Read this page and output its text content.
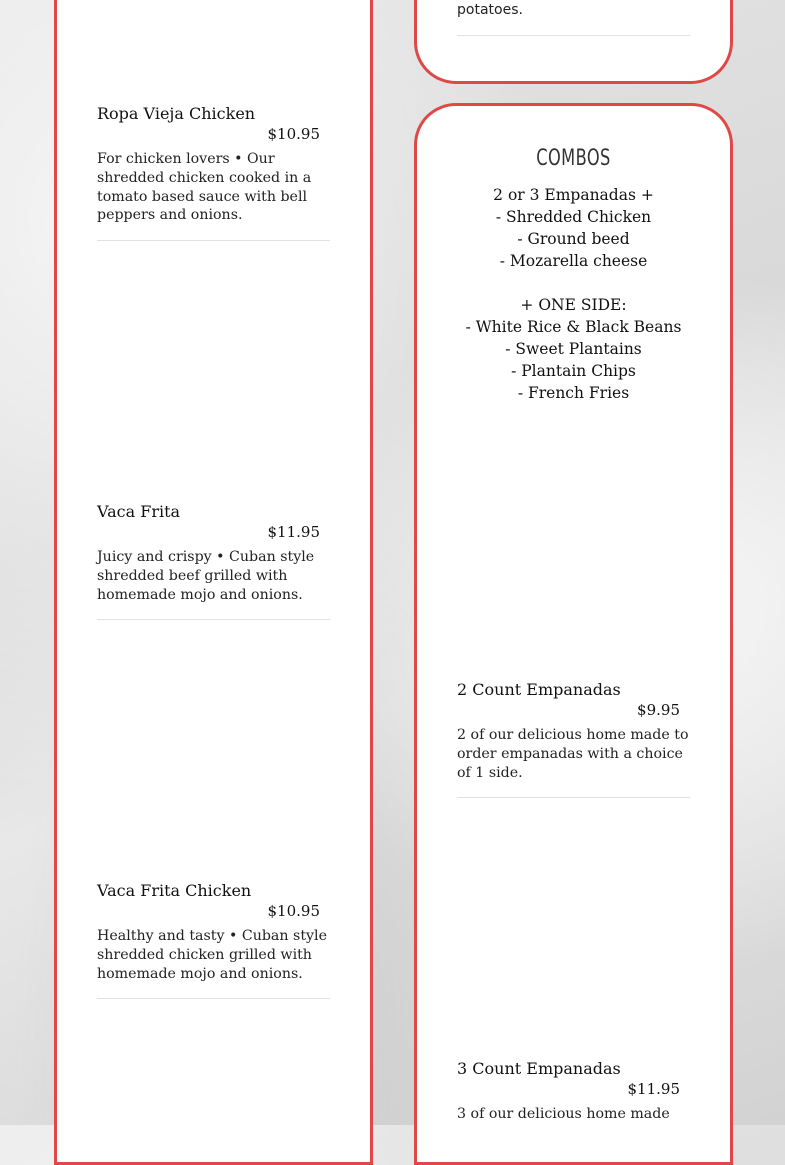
Ropa Vieja Chicken
$10.95
For chicken lovers • Our shredded chicken cooked in a tomato based sauce with bell peppers and onions.
Vaca Frita
$11.95
Juicy and crispy • Cuban style shredded beef grilled with homemade mojo and onions.
Vaca Frita Chicken
$10.95
Healthy and tasty • Cuban style shredded chicken grilled with homemade mojo and onions.
potatoes.
COMBOS
2 or 3 Empanadas +
- Shredded Chicken
- Ground beed
- Mozarella cheese
+ ONE SIDE:
- White Rice & Black Beans
- Sweet Plantains
- Plantain Chips
- French Fries
2 Count Empanadas
$9.95
2 of our delicious home made to order empanadas with a choice of 1 side.
3 Count Empanadas
$11.95
3 of our delicious home made
